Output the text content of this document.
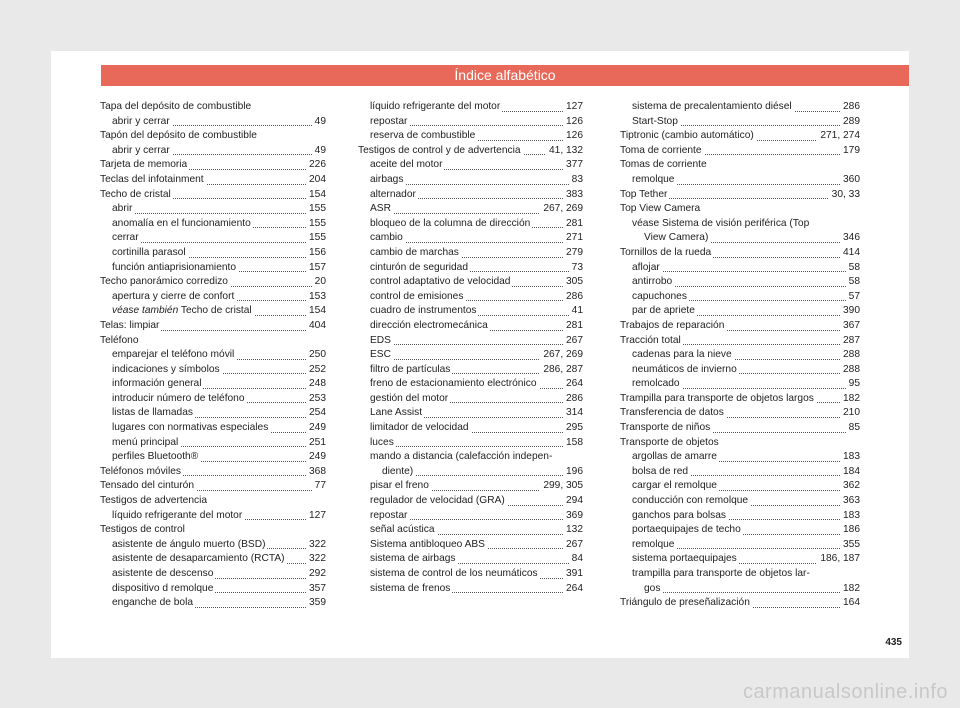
Índice alfabético
Tapa del depósito de combustible
abrir y cerrar	49
Tapón del depósito de combustible
abrir y cerrar	49
Tarjeta de memoria	226
Teclas del infotainment	204
Techo de cristal	154
abrir	155
anomalía en el funcionamiento	155
cerrar	155
cortinilla parasol	156
función antiaprisionamiento	157
Techo panorámico corredizo	20
apertura y cierre de confort	153
véase también Techo de cristal	154
Telas: limpiar	404
Teléfono
emparejar el teléfono móvil	250
indicaciones y símbolos	252
información general	248
introducir número de teléfono	253
listas de llamadas	254
lugares con normativas especiales	249
menú principal	251
perfiles Bluetooth®	249
Teléfonos móviles	368
Tensado del cinturón	77
Testigos de advertencia
líquido refrigerante del motor	127
Testigos de control
asistente de ángulo muerto (BSD)	322
asistente de desaparcamiento (RCTA) 322
asistente de descenso	292
dispositivo d remolque	357
enganche de bola	359
líquido refrigerante del motor	127
repostar	126
reserva de combustible	126
Testigos de control y de advertencia	41, 132
aceite del motor	377
airbags	83
alternador	383
ASR	267, 269
bloqueo de la columna de dirección	281
cambio	271
cambio de marchas	279
cinturón de seguridad	73
control adaptativo de velocidad	305
control de emisiones	286
cuadro de instrumentos	41
dirección electromecánica	281
EDS	267
ESC	267, 269
filtro de partículas	286, 287
freno de estacionamiento electrónico	264
gestión del motor	286
Lane Assist	314
limitador de velocidad	295
luces	158
mando a distancia (calefacción indepen-
diente)	196
pisar el freno	299, 305
regulador de velocidad (GRA)	294
repostar	369
señal acústica	132
Sistema antibloqueo ABS	267
sistema de airbags	84
sistema de control de los neumáticos	391
sistema de frenos	264
sistema de precalentamiento diésel	286
Start-Stop	289
Tiptronic (cambio automático)	271, 274
Toma de corriente	179
Tomas de corriente
remolque	360
Top Tether	30, 33
Top View Camera
véase Sistema de visión periférica (Top
View Camera)	346
Tornillos de la rueda	414
aflojar	58
antirrobo	58
capuchones	57
par de apriete	390
Trabajos de reparación	367
Tracción total	287
cadenas para la nieve	288
neumáticos de invierno	288
remolcado	95
Trampilla para transporte de objetos largos	182
Transferencia de datos	210
Transporte de niños	85
Transporte de objetos
argollas de amarre	183
bolsa de red	184
cargar el remolque	362
conducción con remolque	363
ganchos para bolsas	183
portaequipajes de techo	186
remolque	355
sistema portaequipajes	186, 187
trampilla para transporte de objetos lar-
gos	182
Triángulo de preseñalización	164
435
carmanualsonline.info
